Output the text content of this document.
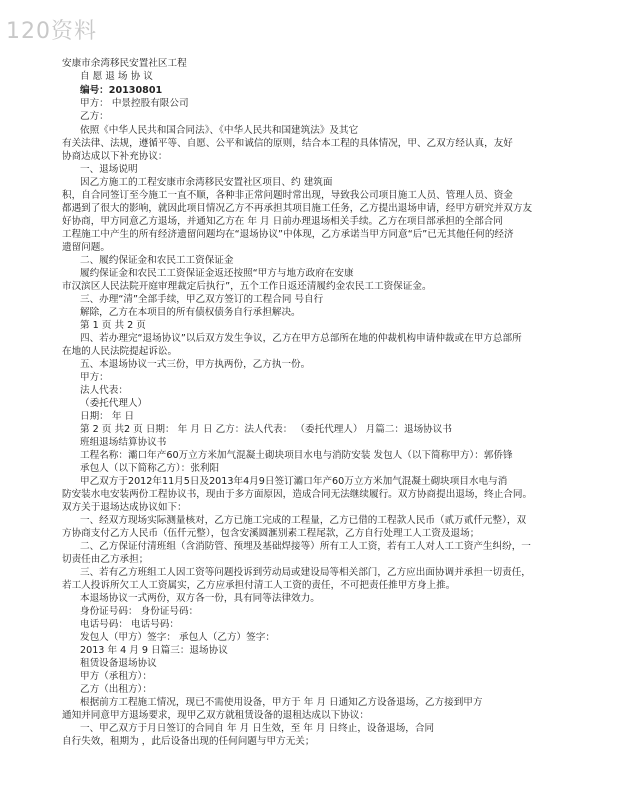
120资料
安康市余湾移民安置社区工程
自 愿 退 场 协 议
编号：20130801
甲方： 中景控股有限公司
乙方：
依照《中华人民共和国合同法》、《中华人民共和国建筑法》及其它
有关法律、法规，遵循平等、自愿、公平和诚信的原则，结合本工程的具体情况，甲、乙双方经认真，友好
协商达成以下补充协议：
一、退场说明
因乙方施工的工程安康市余湾移民安置社区项目、约 建筑面
积，自合同签订至今施工一直不顺，各种非正常问题时常出现，导致我公司项目施工人员、管理人员、资金
都遇到了很大的影响，就因此项目情况乙方不再承担其项目施工任务，乙方提出退场申请，经甲方研究并双方友
好协商，甲方同意乙方退场，并通知乙方在 年 月 日前办理退场相关手续。乙方在项目部承担的全部合同
工程施工中产生的所有经济遗留问题均在“退场协议”中体现，乙方承诺当甲方同意“后”已无其他任何的经济
遗留问题。
二、履约保证金和农民工工资保证金
履约保证金和农民工工资保证金返还按照“甲方与地方政府在安康
市汉滨区人民法院开庭审理裁定后执行”，五个工作日返还清履约金农民工工资保证金。
三、办理“清”全部手续，甲乙双方签订的工程合同 号自行
解除，乙方在本项目的所有债权债务自行承担解决。
第 1 页 共 2 页
四、若办理完“退场协议”以后双方发生争议，乙方在甲方总部所在地的仲裁机构申请仲裁或在甲方总部所
在地的人民法院提起诉讼。
五、本退场协议一式三份，甲方执两份，乙方执一份。
甲方：
法人代表：
（委托代理人）
日期： 年 日
第 2 页 共2 页 日期： 年 月 日 乙方：法人代表： （委托代理人） 月篇二：退场协议书
班组退场结算协议书
工程名称：灞口年产60万立方米加气混凝土砌块项目水电与消防安装 发包人（以下简称甲方）：郭侨锋
承包人（以下简称乙方）：张利阳
甲乙双方于2012年11月5日及2013年4月9日签订灞口年产60万立方米加气混凝土砌块项目水电与消
防安装水电安装两份工程协议书，现由于多方面原因，造成合同无法继续履行。双方协商提出退场，终止合同。
双方关于退场达成协议如下：
一、经双方现场实际测量核对，乙方已施工完成的工程量，乙方已借的工程款人民币（贰万贰仟元整），双
方协商支付乙方人民币（伍仟元整），包含安溪圆滙别素工程尾款，乙方自行处理工人工资及退场；
二、乙方保证付清班组（含消防管、预埋及基础焊接等）所有工人工资，若有工人对人工工资产生纠纷，一
切责任由乙方承担；
三、若有乙方班组工人因工资等问题投诉到劳动局或建设局等相关部门，乙方应出面协调并承担一切责任，
若工人投诉所欠工人工资属实，乙方应承担付清工人工资的责任，不可把责任推甲方身上推。
本退场协议一式两份，双方各一份，具有同等法律效力。
身份证号码： 身份证号码：
电话号码： 电话号码：
发包人（甲方）签字： 承包人（乙方）签字：
2013 年 4 月 9 日篇三：退场协议
租赁设备退场协议
甲方（承租方）：
乙方（出租方）：
根据前方工程施工情况，现已不需使用设备，甲方于 年 月 日通知乙方设备退场，乙方接到甲方
通知并同意甲方退场要求，现甲乙双方就租赁设备的退租达成以下协议：
一、甲乙双方于月日签订的合同自 年 月 日生效，至 年 月 日终止，设备退场，合同
自行失效，租期为 ，此后设备出现的任何问题与甲方无关；
